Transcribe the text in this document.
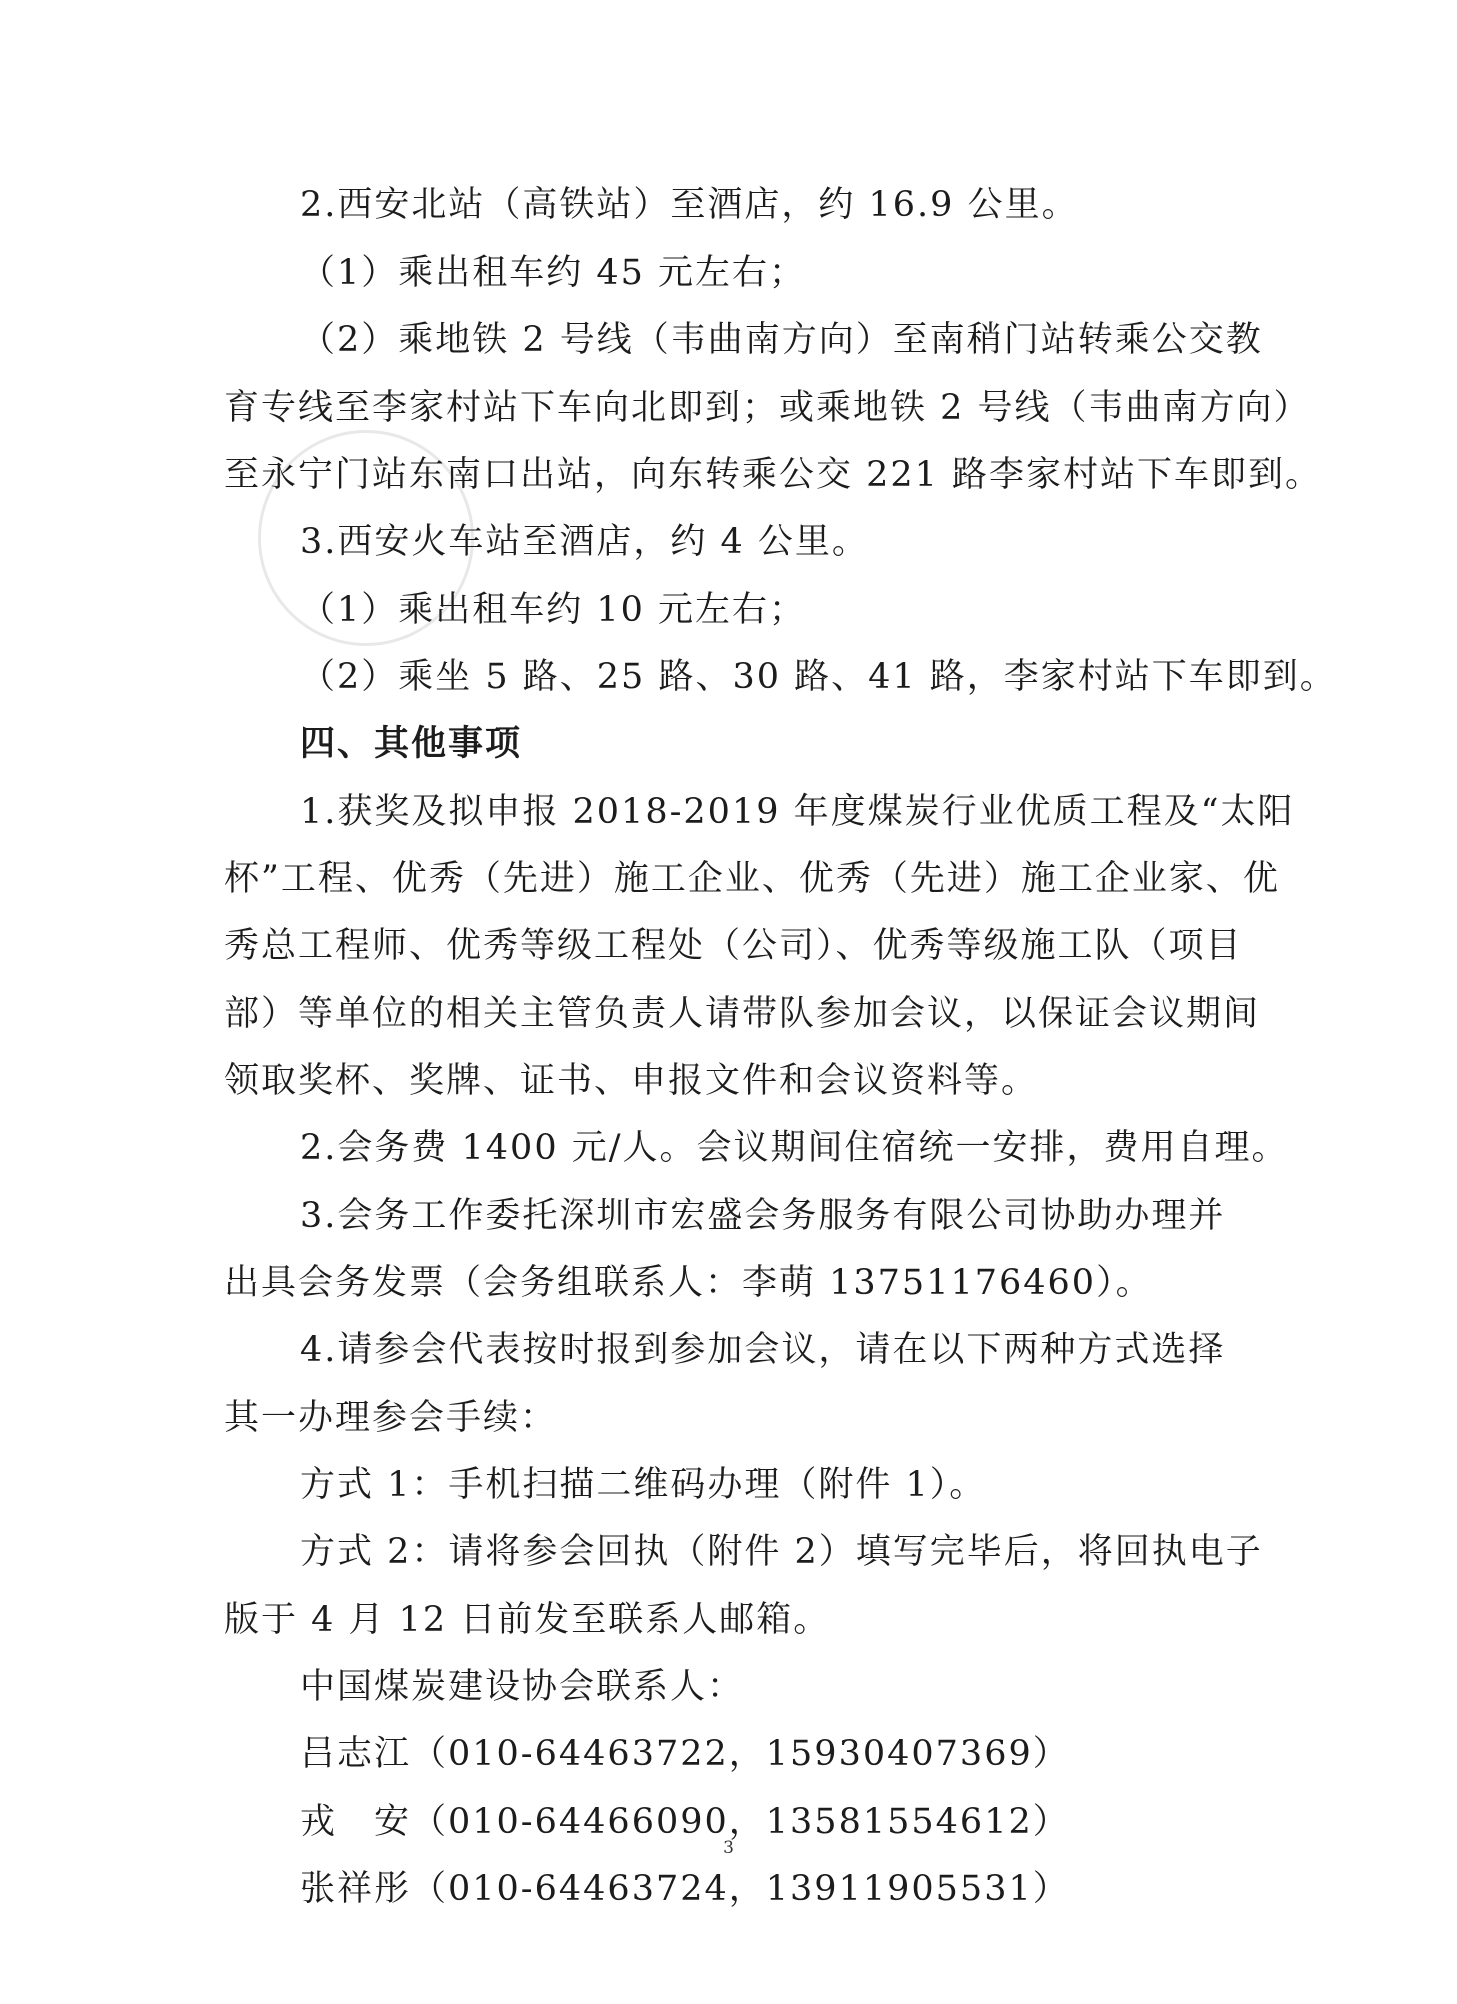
2.西安北站（高铁站）至酒店，约 16.9 公里。
（1）乘出租车约 45 元左右；
（2）乘地铁 2 号线（韦曲南方向）至南稍门站转乘公交教
育专线至李家村站下车向北即到；或乘地铁 2 号线（韦曲南方向）
至永宁门站东南口出站，向东转乘公交 221 路李家村站下车即到。
3.西安火车站至酒店，约 4 公里。
（1）乘出租车约 10 元左右；
（2）乘坐 5 路、25 路、30 路、41 路，李家村站下车即到。
四、其他事项
1.获奖及拟申报 2018-2019 年度煤炭行业优质工程及“太阳
杯”工程、优秀（先进）施工企业、优秀（先进）施工企业家、优
秀总工程师、优秀等级工程处（公司）、优秀等级施工队（项目
部）等单位的相关主管负责人请带队参加会议，以保证会议期间
领取奖杯、奖牌、证书、申报文件和会议资料等。
2.会务费 1400 元/人。会议期间住宿统一安排，费用自理。
3.会务工作委托深圳市宏盛会务服务有限公司协助办理并
出具会务发票（会务组联系人：李萌 13751176460）。
4.请参会代表按时报到参加会议，请在以下两种方式选择
其一办理参会手续：
方式 1：手机扫描二维码办理（附件 1）。
方式 2：请将参会回执（附件 2）填写完毕后，将回执电子
版于 4 月 12 日前发至联系人邮箱。
中国煤炭建设协会联系人：
吕志江（010-64463722，15930407369）
戎　安（010-64466090，13581554612）
张祥彤（010-64463724，13911905531）
3
